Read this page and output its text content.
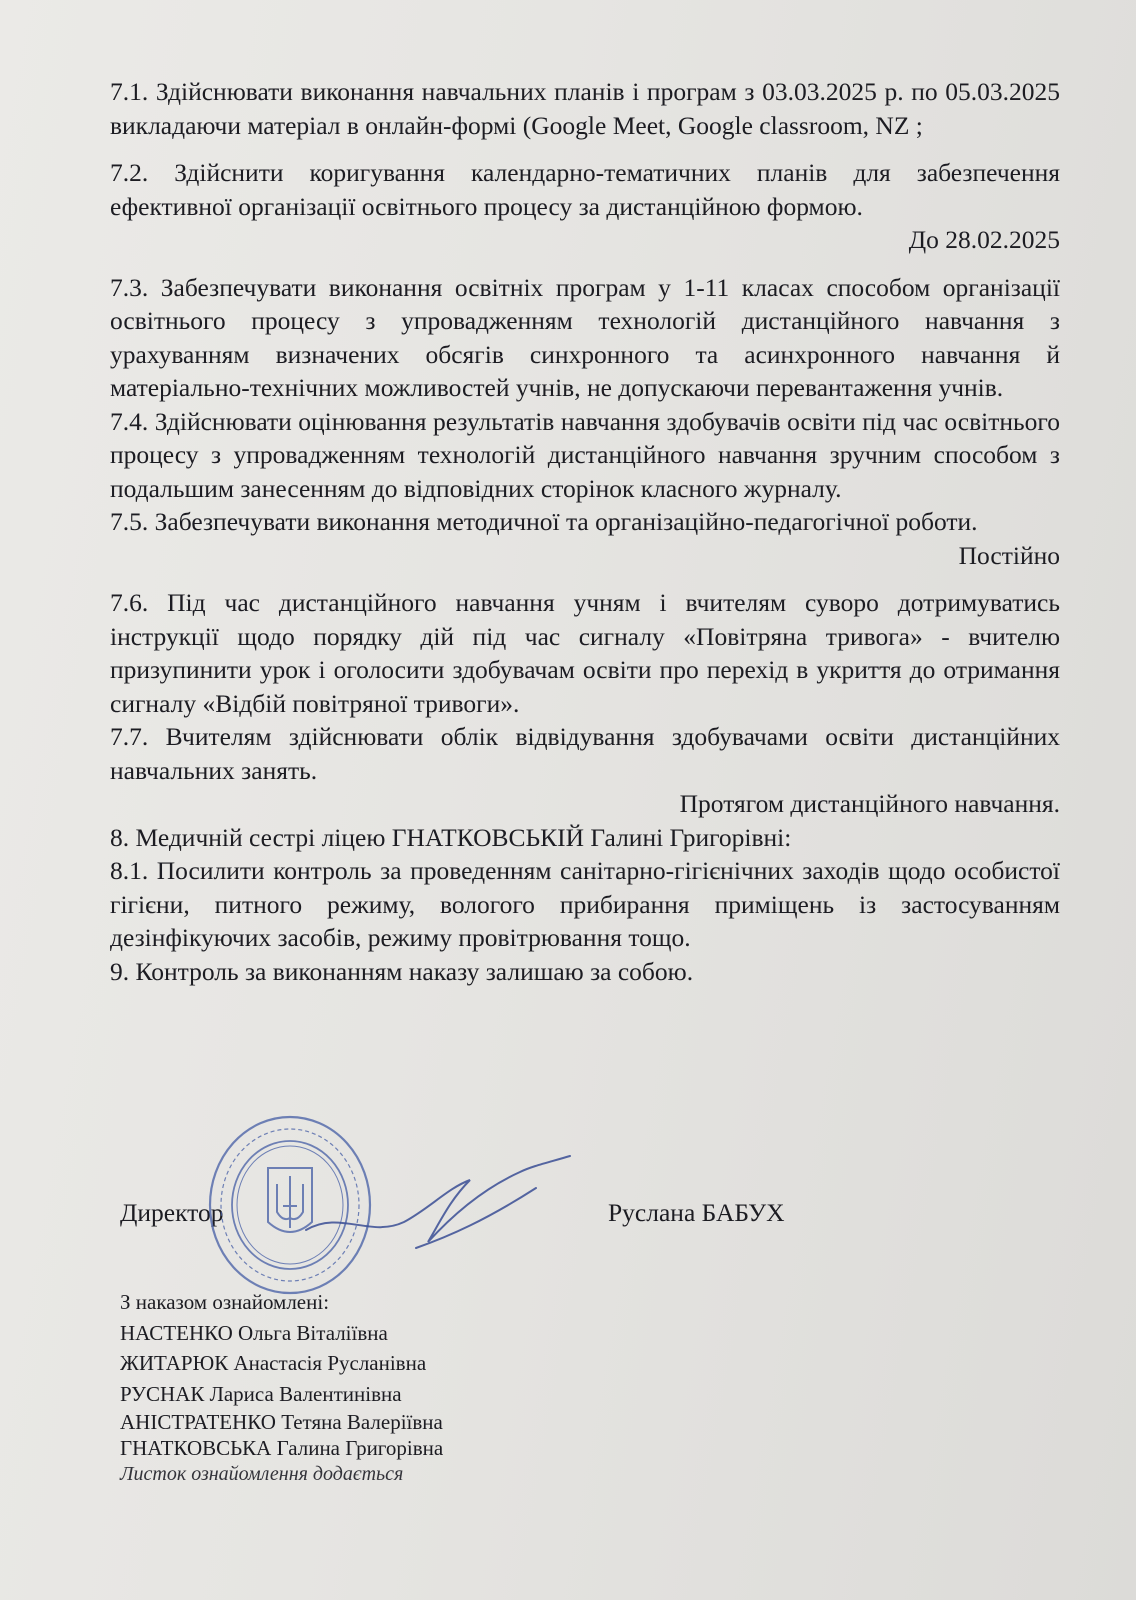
7.1. Здійснювати виконання навчальних планів і програм з 03.03.2025 р. по 05.03.2025 викладаючи матеріал в онлайн-формі (Google Meet, Google classroom, NZ ;

7.2. Здійснити коригування календарно-тематичних планів для забезпечення ефективної організації освітнього процесу за дистанційною формою.

До 28.02.2025

7.3. Забезпечувати виконання освітніх програм у 1-11 класах способом організації освітнього процесу з упровадженням технологій дистанційного навчання з урахуванням визначених обсягів синхронного та асинхронного навчання й матеріально-технічних можливостей учнів, не допускаючи перевантаження учнів.

7.4. Здійснювати оцінювання результатів навчання здобувачів освіти під час освітнього процесу з упровадженням технологій дистанційного навчання зручним способом з подальшим занесенням до відповідних сторінок класного журналу.

7.5. Забезпечувати виконання методичної та організаційно-педагогічної роботи.

Постійно

7.6. Під час дистанційного навчання учням і вчителям суворо дотримуватись інструкції щодо порядку дій під час сигналу «Повітряна тривога» - вчителю призупинити урок і оголосити здобувачам освіти про перехід в укриття до отримання сигналу «Відбій повітряної тривоги».

7.7. Вчителям здійснювати облік відвідування здобувачами освіти дистанційних навчальних занять.

Протягом дистанційного навчання.

8. Медичній сестрі ліцею ГНАТКОВСЬКІЙ Галині Григорівні:

8.1. Посилити контроль за проведенням санітарно-гігієнічних заходів щодо особистої гігієни, питного режиму, вологого прибирання приміщень із застосуванням дезінфікуючих засобів, режиму провітрювання тощо.

9. Контроль за виконанням наказу залишаю за собою.

Директор	Руслана БАБУХ
З наказом ознайомлені:
НАСТЕНКО Ольга Віталіївна
ЖИТАРЮК Анастасія Русланівна
РУСНАК Лариса Валентинівна
АНІСТРАТЕНКО Тетяна Валеріївна
ГНАТКОВСЬКА Галина Григорівна
Листок ознайомлення додається
